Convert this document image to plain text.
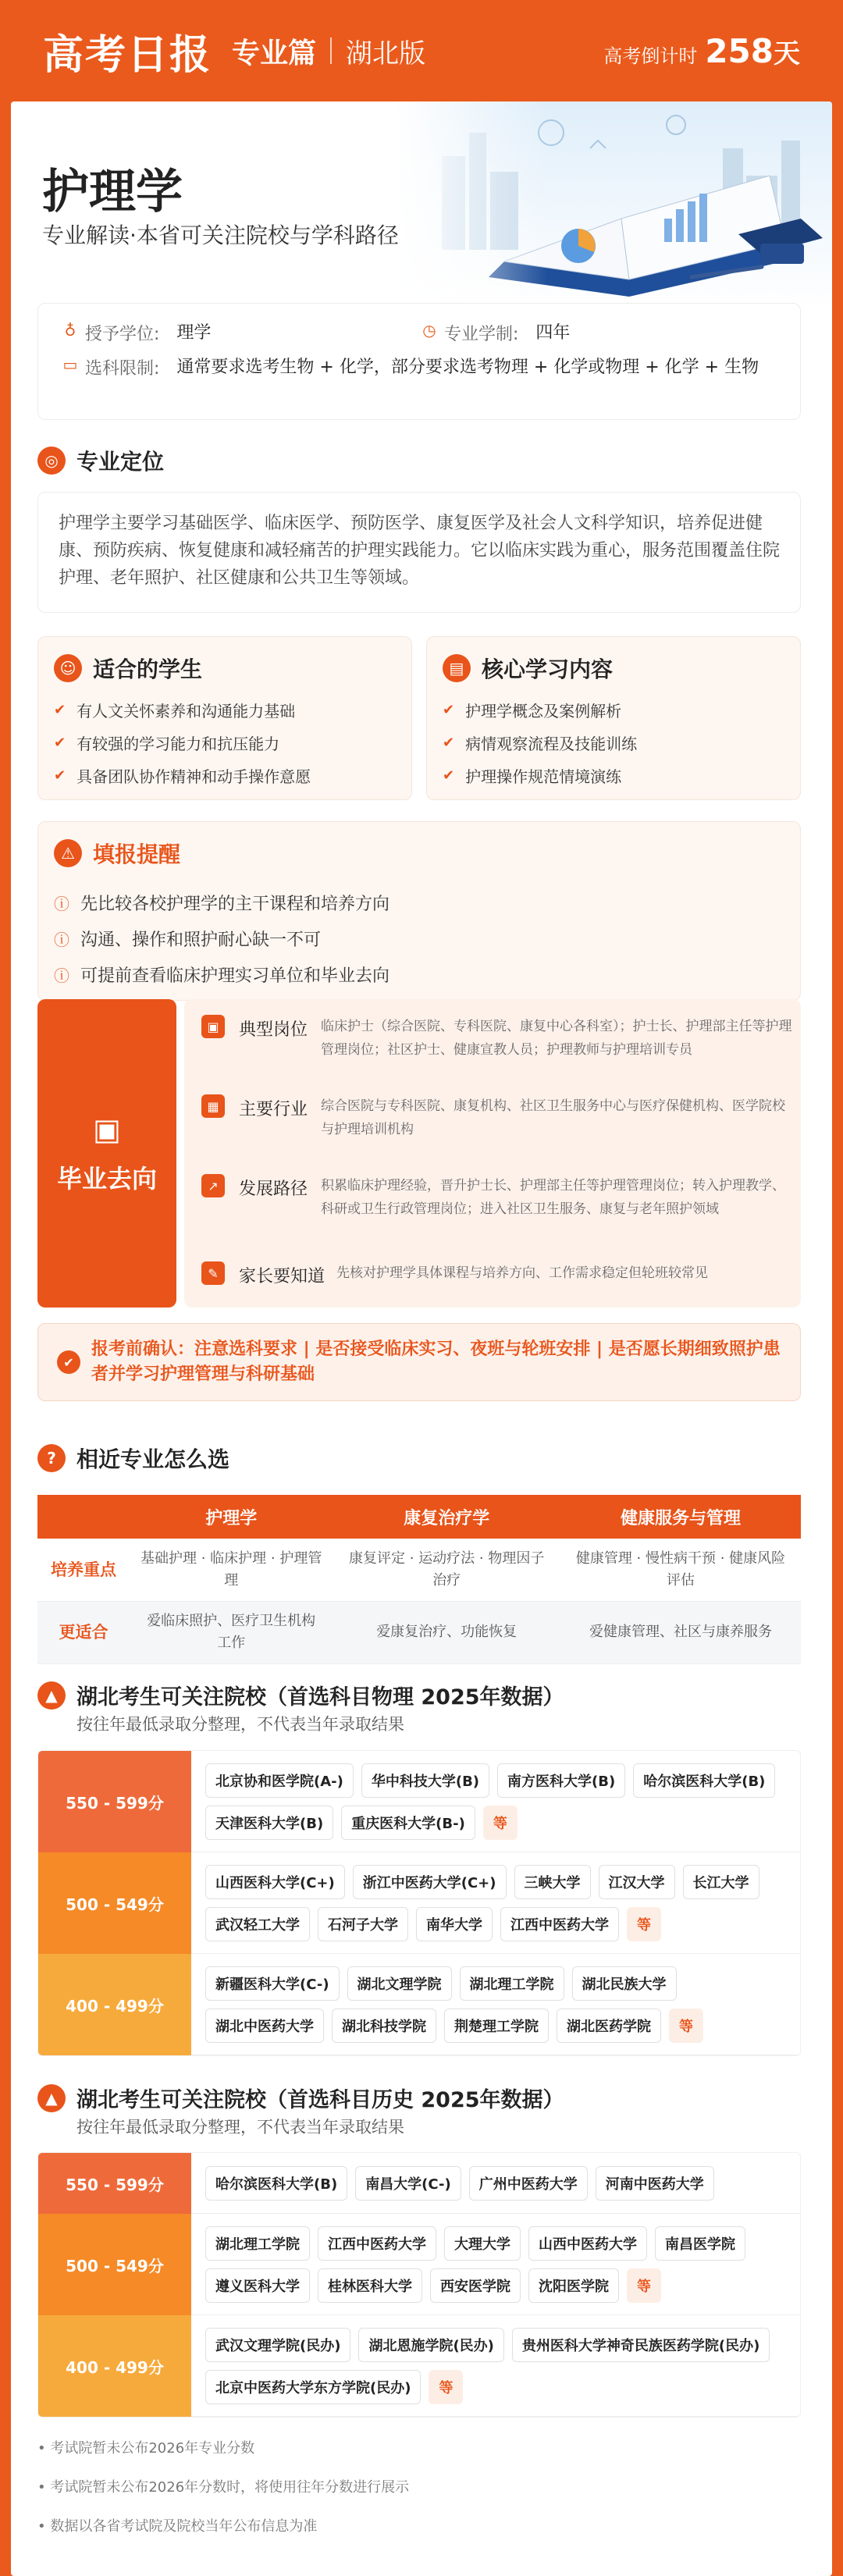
高考日报 专业篇 湖北版	高考倒计时 258 天
护理学
专业解读·本省可关注院校与学科路径
♁ 授予学位: 理学	◷ 专业学制: 四年
▭ 选科限制: 通常要求选考生物 + 化学，部分要求选考物理 + 化学或物理 + 化学 + 生物
◎ 专业定位

护理学主要学习基础医学、临床医学、预防医学、康复医学及社会人文科学知识，培养促进健康、预防疾病、恢复健康和减轻痛苦的护理实践能力。它以临床实践为重心，服务范围覆盖住院护理、老年照护、社区健康和公共卫生等领域。

☺ 适合的学生
✔ 有人文关怀素养和沟通能力基础
✔ 有较强的学习能力和抗压能力
✔ 具备团队协作精神和动手操作意愿
▤ 核心学习内容
✔ 护理学概念及案例解析
✔ 病情观察流程及技能训练
✔ 护理操作规范情境演练
⚠ 填报提醒
ⓘ 先比较各校护理学的主干课程和培养方向
ⓘ 沟通、操作和照护耐心缺一不可
ⓘ 可提前查看临床护理实习单位和毕业去向
▣
毕业去向
▣	典型岗位 临床护士（综合医院、专科医院、康复中心各科室）；护士长、护理部主任等护理管理岗位；社区护士、健康宣教人员；护理教师与护理培训专员
▦	主要行业 综合医院与专科医院、康复机构、社区卫生服务中心与医疗保健机构、医学院校与护理培训机构
↗	发展路径 积累临床护理经验，晋升护士长、护理部主任等护理管理岗位；转入护理教学、科研或卫生行政管理岗位；进入社区卫生服务、康复与老年照护领域
✎	家长要知道 先核对护理学具体课程与培养方向、工作需求稳定但轮班较常见
✔
报考前确认：注意选科要求 | 是否接受临床实习、夜班与轮班安排 | 是否愿长期细致照护患者并学习护理管理与科研基础
? 相近专业怎么选
	护理学	康复治疗学	健康服务与管理
培养重点	基础护理 · 临床护理 · 护理管理	康复评定 · 运动疗法 · 物理因子治疗	健康管理 · 慢性病干预 · 健康风险评估
更适合	爱临床照护、医疗卫生机构工作	爱康复治疗、功能恢复	爱健康管理、社区与康养服务
▲ 湖北考生可关注院校（首选科目物理 2025年数据）
按往年最低录取分整理，不代表当年录取结果
550 - 599分
北京协和医学院(A-)	华中科技大学(B)	南方医科大学(B)	哈尔滨医科大学(B)
天津医科大学(B)	重庆医科大学(B-)	等
500 - 549分
山西医科大学(C+)	浙江中医药大学(C+)	三峡大学	江汉大学	长江大学
武汉轻工大学	石河子大学	南华大学	江西中医药大学	等
400 - 499分
新疆医科大学(C-)	湖北文理学院	湖北理工学院	湖北民族大学
湖北中医药大学	湖北科技学院	荆楚理工学院	湖北医药学院	等
▲ 湖北考生可关注院校（首选科目历史 2025年数据）
按往年最低录取分整理，不代表当年录取结果
550 - 599分	哈尔滨医科大学(B)	南昌大学(C-)	广州中医药大学	河南中医药大学
500 - 549分
湖北理工学院	江西中医药大学	大理大学	山西中医药大学	南昌医学院
遵义医科大学	桂林医科大学	西安医学院	沈阳医学院	等
400 - 499分
武汉文理学院(民办)	湖北恩施学院(民办)	贵州医科大学神奇民族医药学院(民办)
北京中医药大学东方学院(民办)	等
• 考试院暂未公布2026年专业分数
• 考试院暂未公布2026年分数时，将使用往年分数进行展示
• 数据以各省考试院及院校当年公布信息为准
